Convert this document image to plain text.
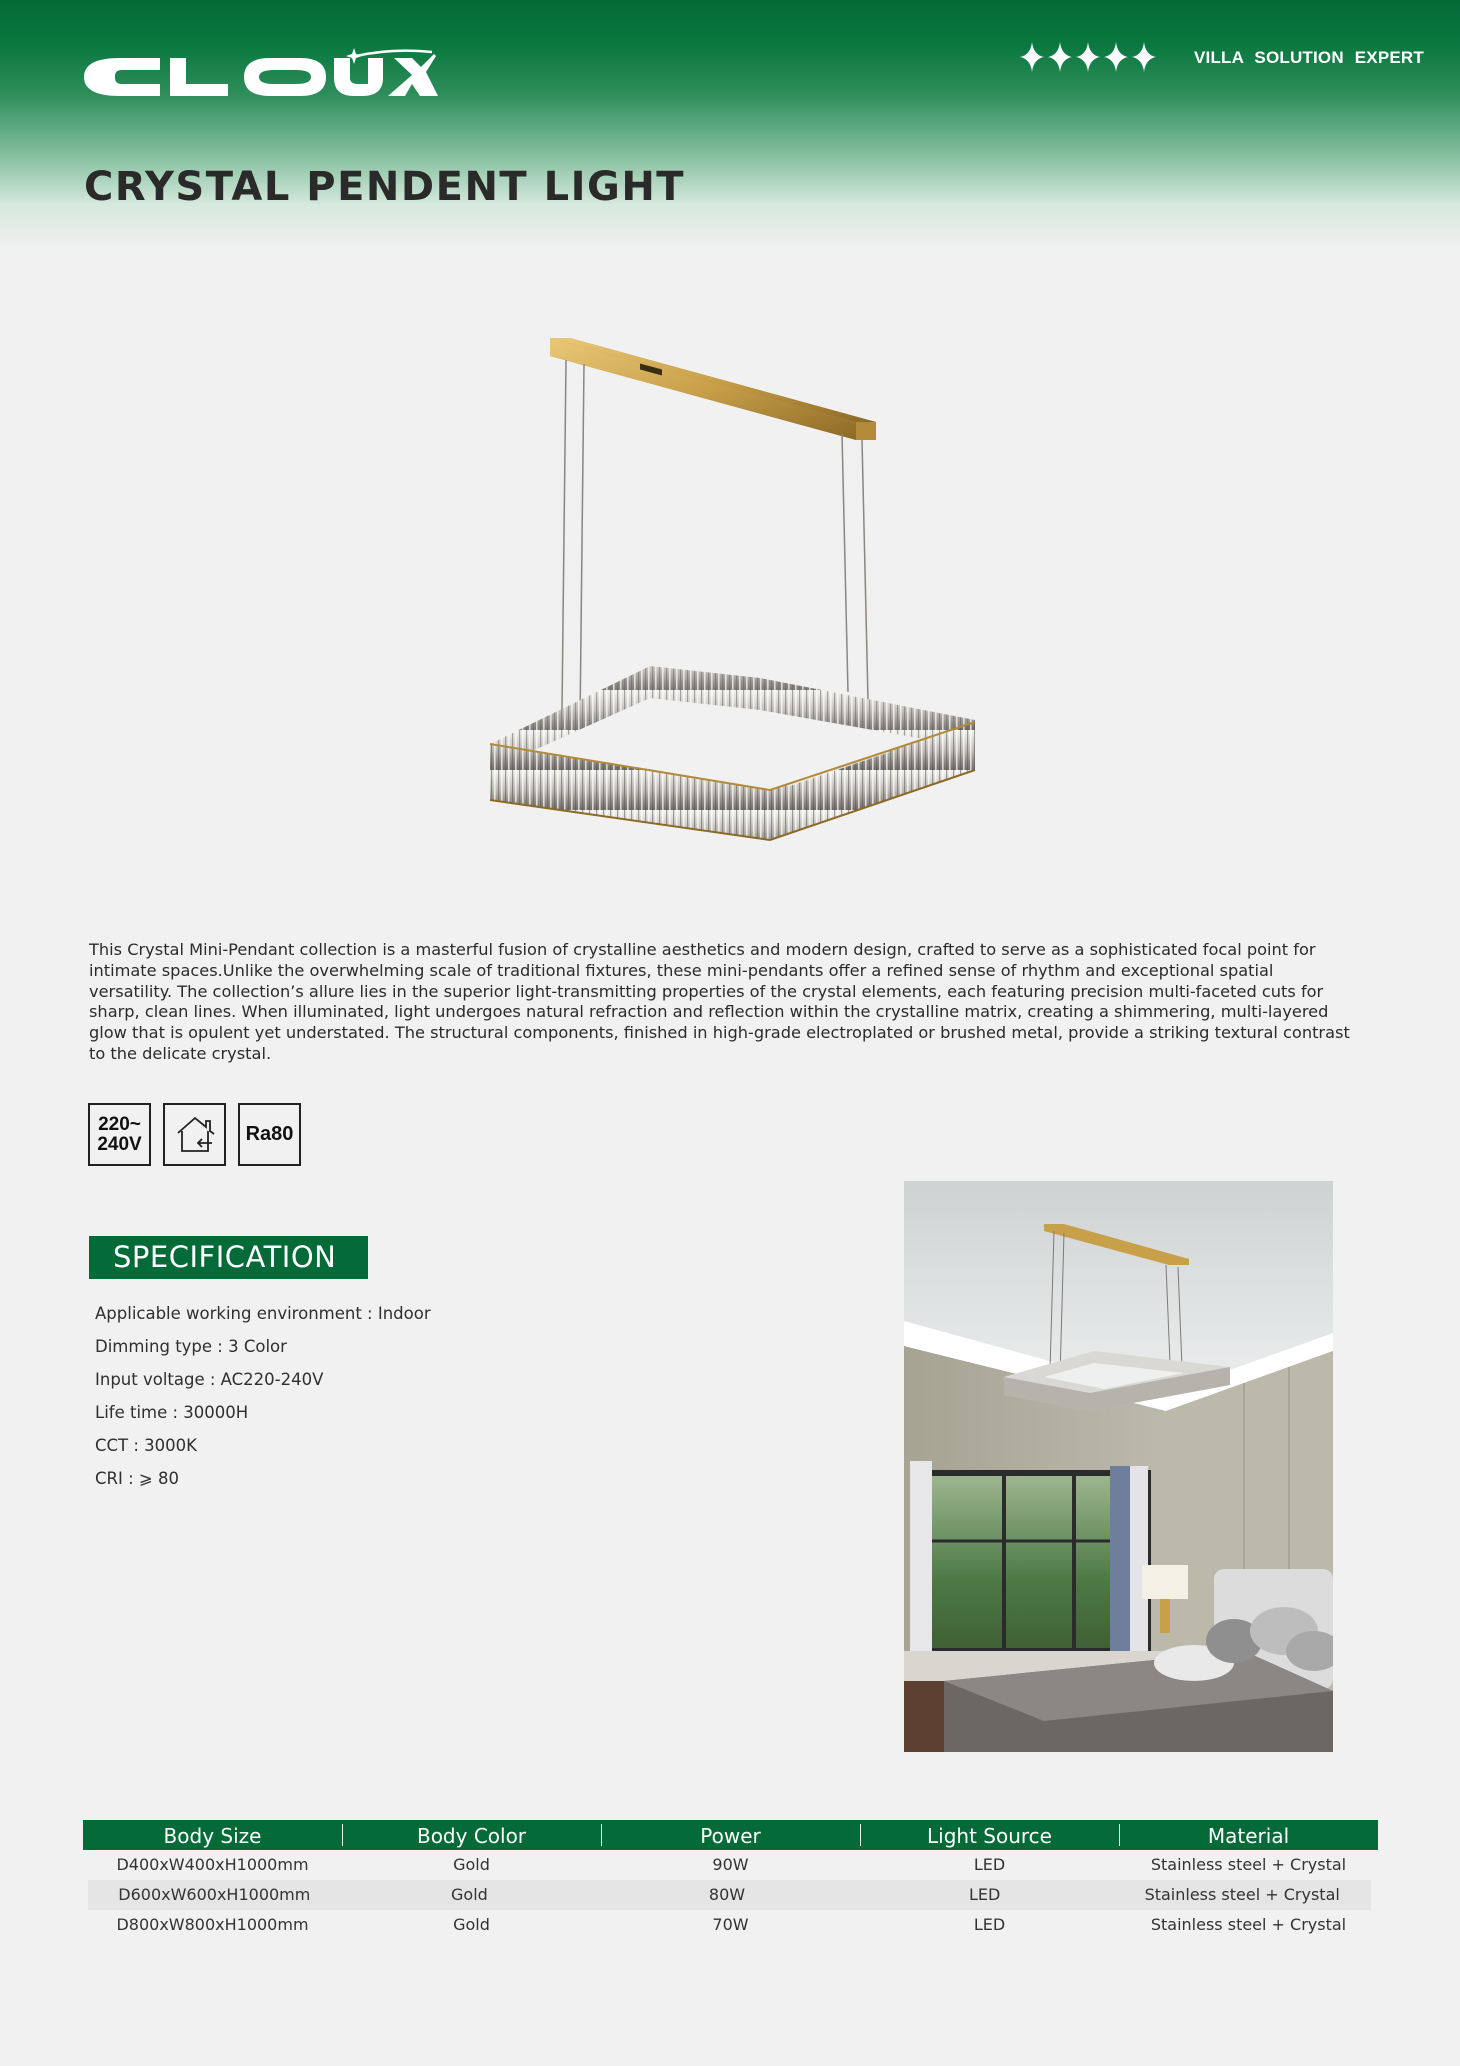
VILLA SOLUTION EXPERT
CRYSTAL PENDENT LIGHT

This Crystal Mini-Pendant collection is a masterful fusion of crystalline aesthetics and modern design, crafted to serve as a sophisticated focal point for intimate spaces.Unlike the overwhelming scale of traditional fixtures, these mini-pendants offer a refined sense of rhythm and exceptional spatial versatility. The collection’s allure lies in the superior light-transmitting properties of the crystal elements, each featuring precision multi-faceted cuts for sharp, clean lines. When illuminated, light undergoes natural refraction and reflection within the crystalline matrix, creating a shimmering, multi-layered glow that is opulent yet understated. The structural components, finished in high-grade electroplated or brushed metal, provide a striking textural contrast to the delicate crystal.

220~
240V	Ra80
SPECIFICATION
Applicable working environment : Indoor
Dimming type : 3 Color
Input voltage : AC220-240V
Life time : 30000H
CCT : 3000K
CRI : ⩾ 80
Body Size	Body Color	Power	Light Source	Material
D400xW400xH1000mm	Gold	90W	LED	Stainless steel + Crystal
D600xW600xH1000mm	Gold	80W	LED	Stainless steel + Crystal
D800xW800xH1000mm	Gold	70W	LED	Stainless steel + Crystal
